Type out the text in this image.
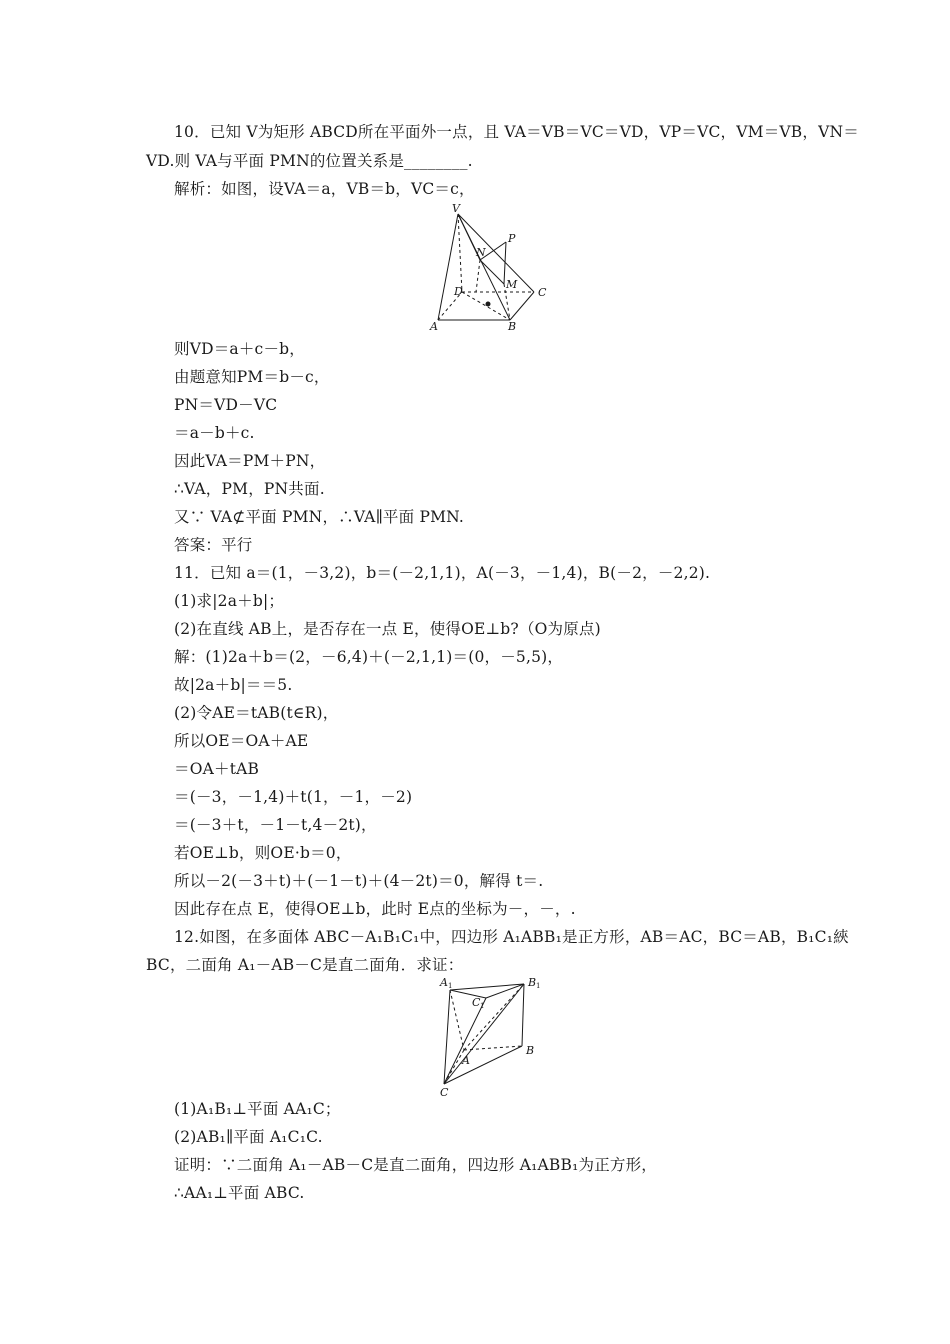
10．已知 V为矩形 ABCD所在平面外一点，且 VA＝VB＝VC＝VD，VP＝VC，VM＝VB，VN＝
VD.则 VA与平面 PMN的位置关系是________.
解析：如图，设VA＝a，VB＝b，VC＝c，
V
P
N
M
D	C
A	B
则VD＝a＋c－b，
由题意知PM＝b－c，
PN＝VD－VC
＝a－b＋c.
因此VA＝PM＋PN，
∴VA，PM，PN共面.
又∵ VA⊄平面 PMN，∴VA∥平面 PMN.
答案：平行
11．已知 a＝(1，－3,2)，b＝(－2,1,1)，A(－3，－1,4)，B(－2，－2,2).
(1)求|2a＋b|；
(2)在直线 AB上，是否存在一点 E，使得OE⊥b?（O为原点)
解：(1)2a＋b＝(2，－6,4)＋(－2,1,1)＝(0，－5,5)，
故|2a＋b|＝＝5.
(2)令AE＝tAB(t∈R)，
所以OE＝OA＋AE
＝OA＋tAB
＝(－3，－1,4)＋t(1，－1，－2)
＝(－3＋t，－1－t,4－2t)，
若OE⊥b，则OE·b＝0，
所以－2(－3＋t)＋(－1－t)＋(4－2t)＝0，解得 t＝.
因此存在点 E，使得OE⊥b，此时 E点的坐标为－，－，.
12.如图，在多面体 ABC－A₁B₁C₁中，四边形 A₁ABB₁是正方形，AB＝AC，BC＝AB，B₁C₁綊
BC，二面角 A₁－AB－C是直二面角．求证：
A 1	B 1
C 1
A
B
C
(1)A₁B₁⊥平面 AA₁C；
(2)AB₁∥平面 A₁C₁C.
证明：∵二面角 A₁－AB－C是直二面角，四边形 A₁ABB₁为正方形，
∴AA₁⊥平面 ABC.
